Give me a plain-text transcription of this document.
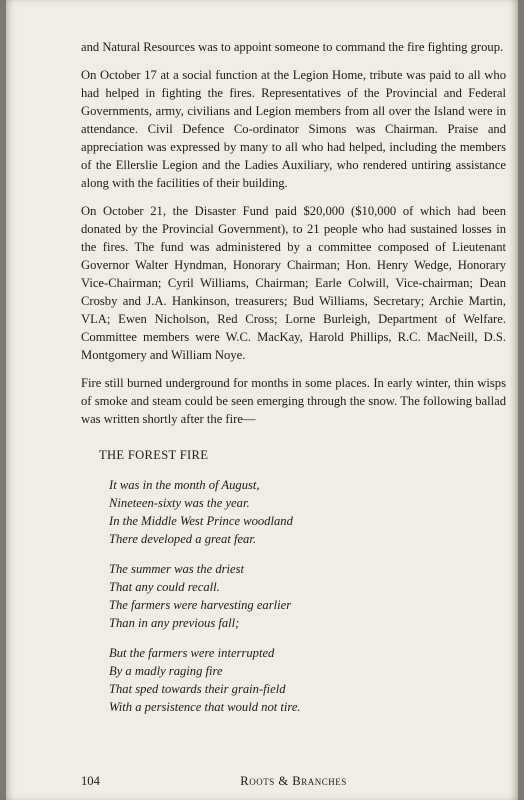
and Natural Resources was to appoint someone to command the fire fighting group.

On October 17 at a social function at the Legion Home, tribute was paid to all who had helped in fighting the fires. Representatives of the Provincial and Federal Governments, army, civilians and Legion members from all over the Island were in attendance. Civil Defence Co-ordinator Simons was Chairman. Praise and appreciation was expressed by many to all who had helped, including the members of the Ellerslie Legion and the Ladies Auxiliary, who rendered untiring assistance along with the facilities of their building.

On October 21, the Disaster Fund paid $20,000 ($10,000 of which had been donated by the Provincial Government), to 21 people who had sustained losses in the fires. The fund was administered by a committee composed of Lieutenant Governor Walter Hyndman, Honorary Chairman; Hon. Henry Wedge, Honorary Vice-Chairman; Cyril Williams, Chairman; Earle Colwill, Vice-chairman; Dean Crosby and J.A. Hankinson, treasurers; Bud Williams, Secretary; Archie Martin, VLA; Ewen Nicholson, Red Cross; Lorne Burleigh, Department of Welfare. Committee members were W.C. MacKay, Harold Phillips, R.C. MacNeill, D.S. Montgomery and William Noye.

Fire still burned underground for months in some places. In early winter, thin wisps of smoke and steam could be seen emerging through the snow. The following ballad was written shortly after the fire—

THE FOREST FIRE
It was in the month of August,
Nineteen-sixty was the year.
In the Middle West Prince woodland
There developed a great fear.
The summer was the driest
That any could recall.
The farmers were harvesting earlier
Than in any previous fall;
But the farmers were interrupted
By a madly raging fire
That sped towards their grain-field
With a persistence that would not tire.
104	Roots & Branches
